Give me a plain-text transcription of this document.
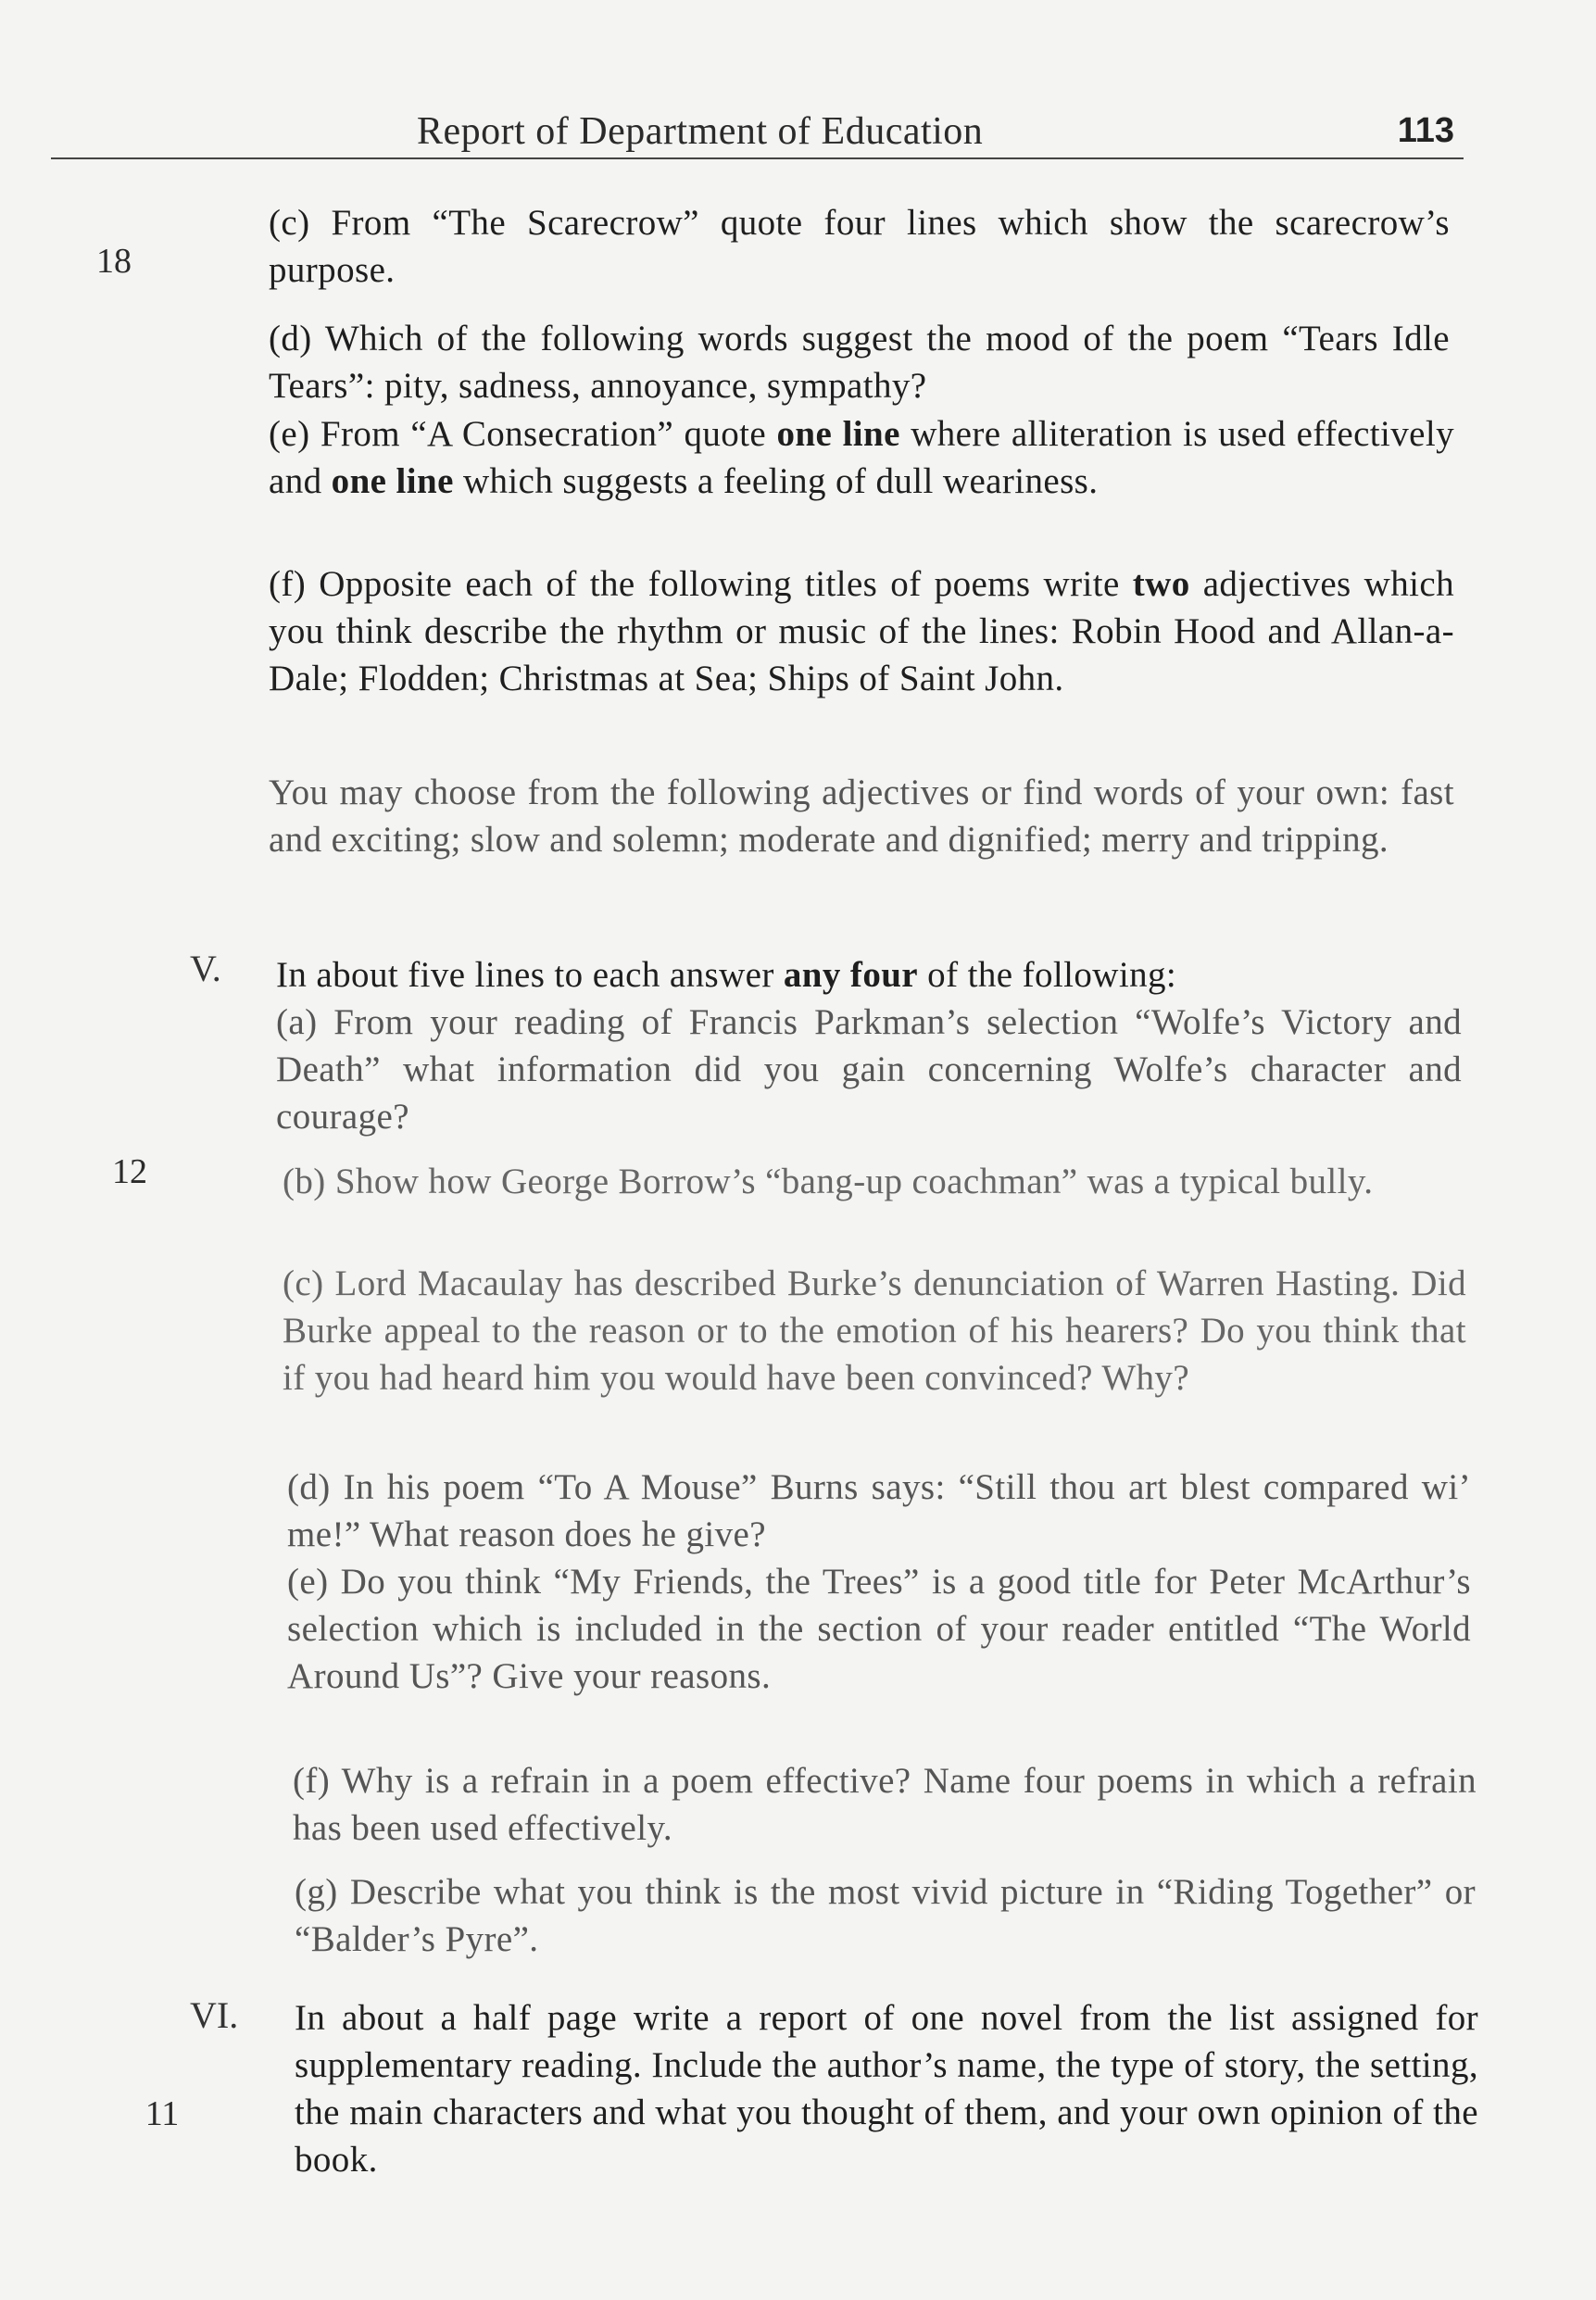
Report of Department of Education	113
18

(c) From “The Scarecrow” quote four lines which show the scarecrow’s purpose.

(d) Which of the following words suggest the mood of the poem “Tears Idle Tears”: pity, sadness, annoyance, sympathy?

(e) From “A Consecration” quote one line where alliteration is used effectively and one line which suggests a feeling of dull weariness.

(f) Opposite each of the following titles of poems write two adjectives which you think describe the rhythm or music of the lines: Robin Hood and Allan-a-Dale; Flodden; Christmas at Sea; Ships of Saint John.

You may choose from the following adjectives or find words of your own: fast and exciting; slow and solemn; moderate and dignified; merry and tripping.

V. In about five lines to each answer any four of the following:

(a) From your reading of Francis Parkman’s selection “Wolfe’s Victory and Death” what information did you gain concerning Wolfe’s character and courage?

12	(b) Show how George Borrow’s “bang-up coachman” was a typical bully.

(c) Lord Macaulay has described Burke’s denunciation of Warren Hasting. Did Burke appeal to the reason or to the emotion of his hearers? Do you think that if you had heard him you would have been convinced? Why?

(d) In his poem “To A Mouse” Burns says: “Still thou art blest compared wi’ me!” What reason does he give?

(e) Do you think “My Friends, the Trees” is a good title for Peter McArthur’s selection which is included in the section of your reader entitled “The World Around Us”? Give your reasons.

(f) Why is a refrain in a poem effective? Name four poems in which a refrain has been used effectively.

(g) Describe what you think is the most vivid picture in “Riding Together” or “Balder’s Pyre”.

VI.
11

In about a half page write a report of one novel from the list assigned for supplementary reading. Include the author’s name, the type of story, the setting, the main characters and what you thought of them, and your own opinion of the book.
